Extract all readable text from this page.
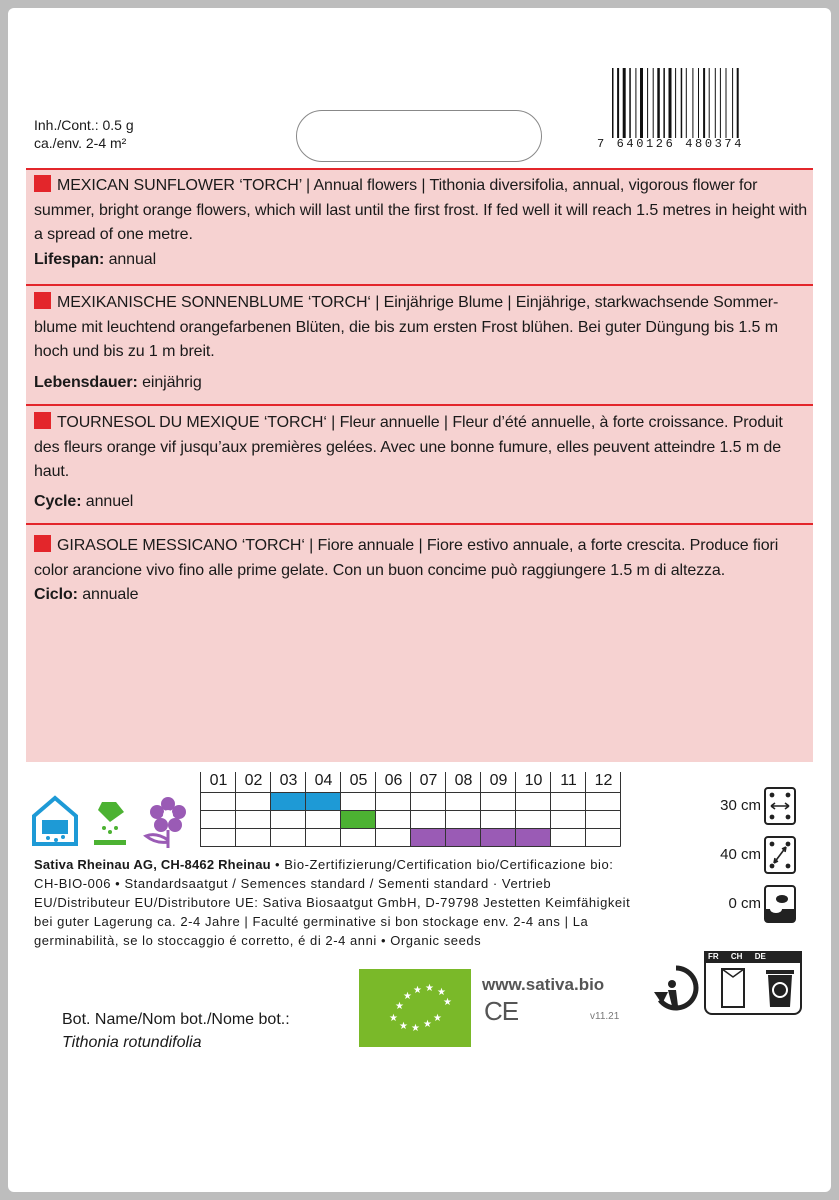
Inh./Cont.: 0.5 g
ca./env. 2-4 m²	7 640126 480374
MEXICAN SUNFLOWER ‘TORCH’ | Annual flowers | Tithonia diversifolia, annual, vigorous flower for summer, bright orange flowers, which will last until the first frost. If fed well it will reach 1.5 metres in height with a spread of one metre.
Lifespan: annual
MEXIKANISCHE SONNENBLUME ‘TORCH‘ | Einjährige Blume | Einjährige, starkwachsende Sommer-blume mit leuchtend orangefarbenen Blüten, die bis zum ersten Frost blühen. Bei guter Düngung bis 1.5 m hoch und bis zu 1 m breit.
Lebensdauer: einjährig
TOURNESOL DU MEXIQUE ‘TORCH‘ | Fleur annuelle | Fleur d’été annuelle, à forte croissance. Produit des fleurs orange vif jusqu’aux premières gelées. Avec une bonne fumure, elles peuvent atteindre 1.5 m de haut.
Cycle: annuel
GIRASOLE MESSICANO ‘TORCH‘ | Fiore annuale | Fiore estivo annuale, a forte crescita. Produce fiori color arancione vivo fino alle prime gelate. Con un buon concime può raggiungere 1.5 m di altezza.
Ciclo: annuale
01	02	03	04	05	06	07	08	09	10	11	12
Sativa Rheinau AG, CH-8462 Rheinau • Bio-Zertifizierung/Certification bio/Certificazione bio: CH-BIO-006 • Standardsaatgut / Semences standard / Sementi standard · Vertrieb EU/Distributeur EU/Distributore UE: Sativa Biosaatgut GmbH, D-79798 Jestetten Keimfähigkeit bei guter Lagerung ca. 2-4 Jahre | Faculté germinative si bon stockage env. 2-4 ans | La germinabilità, se lo stoccaggio é corretto, é di 2-4 anni • Organic seeds
30 cm
40 cm
0 cm
Bot. Name/Nom bot./Nome bot.:
Tithonia rotundifolia
★
★
★
★ ★ ★
★
★ ★ ★
★
www.sativa.bio
CE	v11.21
FR CH DE
